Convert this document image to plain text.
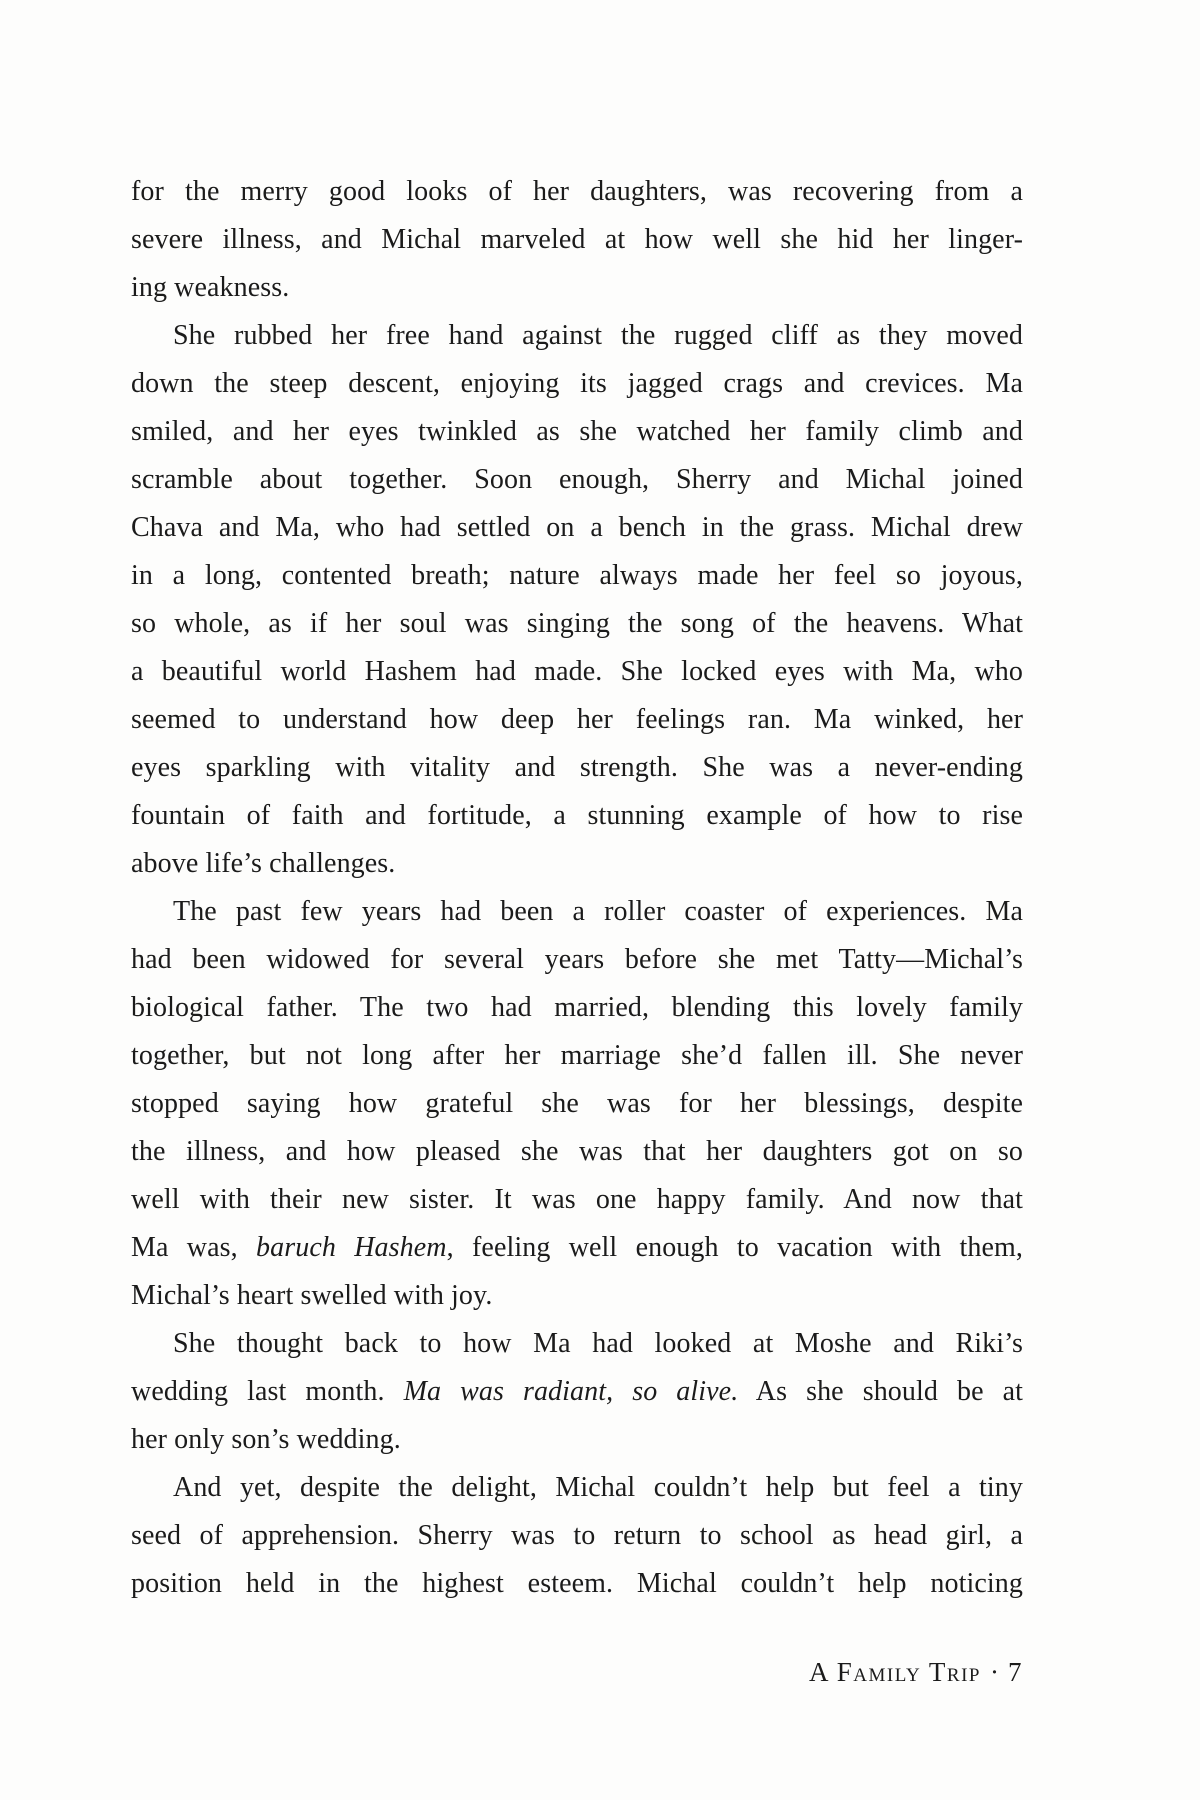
for the merry good looks of her daughters, was recovering from a
severe illness, and Michal marveled at how well she hid her linger-
ing weakness.
She rubbed her free hand against the rugged cliff as they moved
down the steep descent, enjoying its jagged crags and crevices. Ma
smiled, and her eyes twinkled as she watched her family climb and
scramble about together. Soon enough, Sherry and Michal joined
Chava and Ma, who had settled on a bench in the grass. Michal drew
in a long, contented breath; nature always made her feel so joyous,
so whole, as if her soul was singing the song of the heavens. What
a beautiful world Hashem had made. She locked eyes with Ma, who
seemed to understand how deep her feelings ran. Ma winked, her
eyes sparkling with vitality and strength. She was a never-ending
fountain of faith and fortitude, a stunning example of how to rise
above life’s challenges.
The past few years had been a roller coaster of experiences. Ma
had been widowed for several years before she met Tatty—Michal’s
biological father. The two had married, blending this lovely family
together, but not long after her marriage she’d fallen ill. She never
stopped saying how grateful she was for her blessings, despite
the illness, and how pleased she was that her daughters got on so
well with their new sister. It was one happy family. And now that
Ma was, baruch Hashem, feeling well enough to vacation with them,
Michal’s heart swelled with joy.
She thought back to how Ma had looked at Moshe and Riki’s
wedding last month. Ma was radiant, so alive. As she should be at
her only son’s wedding.
And yet, despite the delight, Michal couldn’t help but feel a tiny
seed of apprehension. Sherry was to return to school as head girl, a
position held in the highest esteem. Michal couldn’t help noticing
A Family Trip · 7
